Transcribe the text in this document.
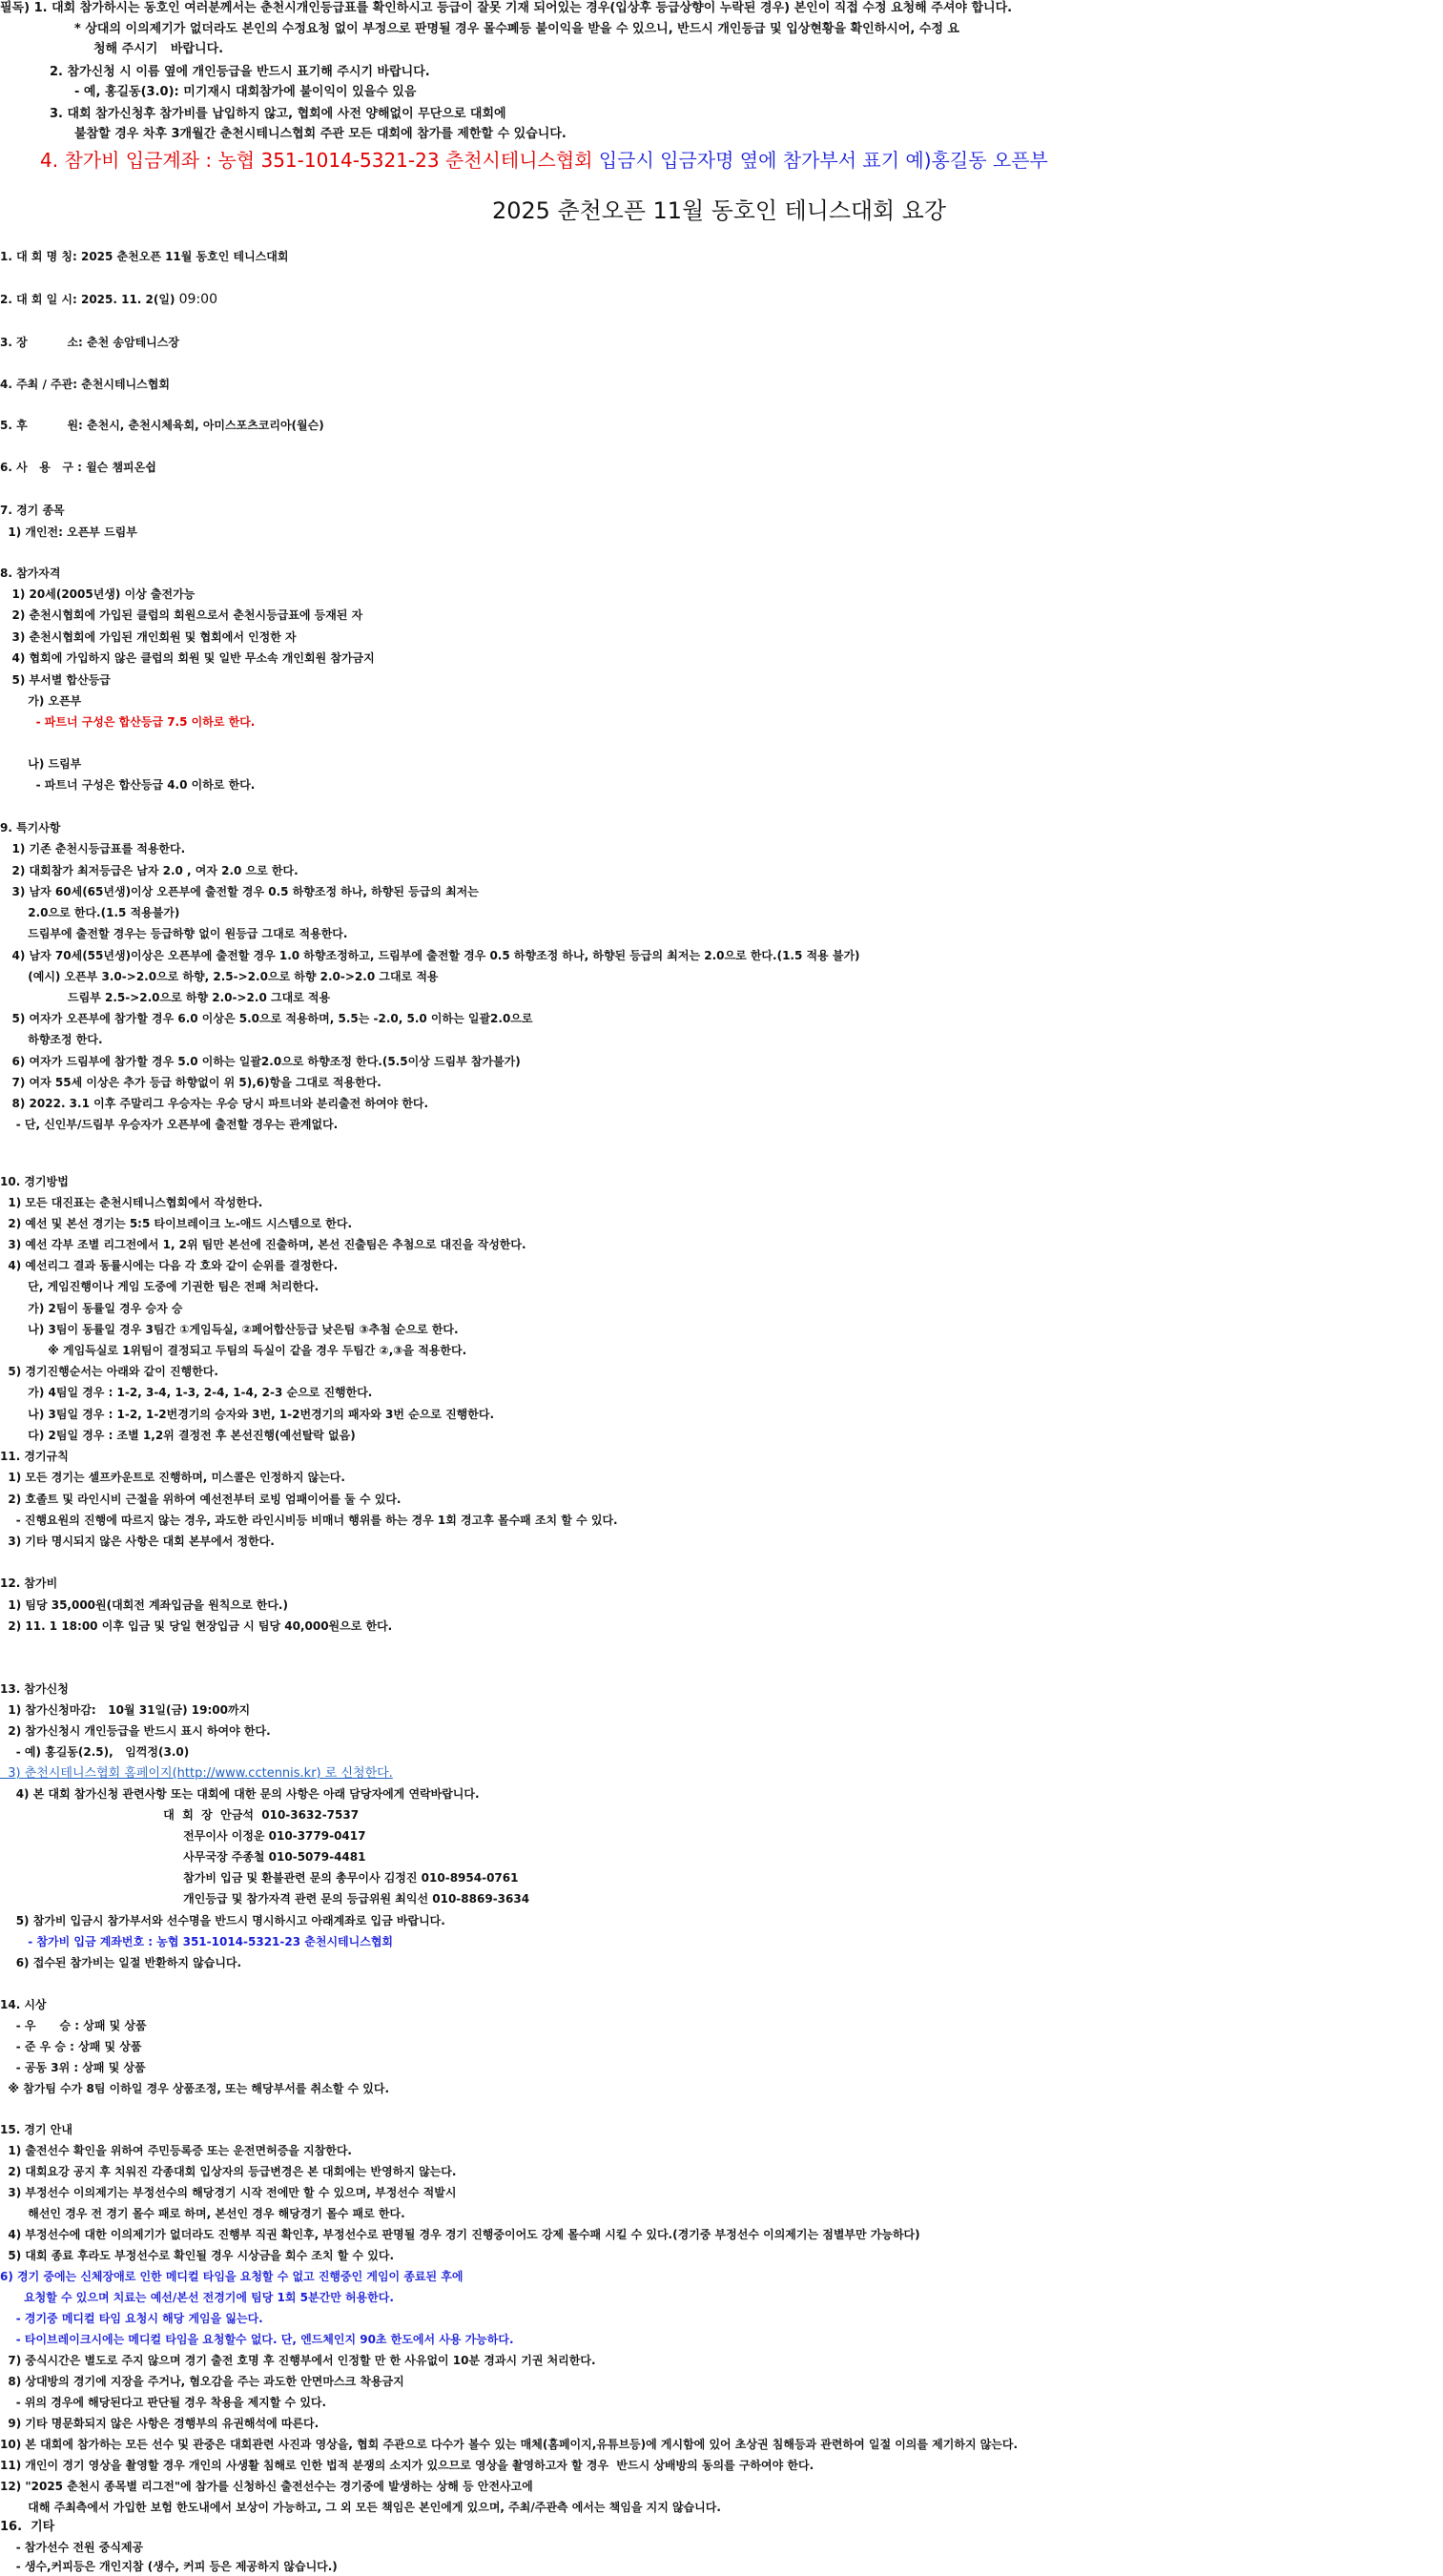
필독) 1. 대회 참가하시는 동호인 여러분께서는 춘천시개인등급표를 확인하시고 등급이 잘못 기재 되어있는 경우(입상후 등급상향이 누락된 경우) 본인이 직접 수정 요청해 주셔야 합니다.
* 상대의 이의제기가 없더라도 본인의 수정요청 없이 부정으로 판명될 경우 몰수폐등 불이익을 받을 수 있으니, 반드시 개인등급 및 입상현황을 확인하시어, 수정 요
청해 주시기   바랍니다.
2. 참가신청 시 이름 옆에 개인등급을 반드시 표기해 주시기 바랍니다.
- 예, 홍길동(3.0): 미기재시 대회참가에 불이익이 있을수 있음
3. 대회 참가신청후 참가비를 납입하지 않고, 협회에 사전 양해없이 무단으로 대회에
불참할 경우 차후 3개월간 춘천시테니스협회 주관 모든 대회에 참가를 제한할 수 있습니다.
4. 참가비 입금계좌 : 농협 351-1014-5321-23 춘천시테니스협회 입금시 입금자명 옆에 참가부서 표기 예)홍길동 오픈부
2025 춘천오픈 11월 동호인 테니스대회 요강
1. 대 회 명 칭: 2025 춘천오픈 11월 동호인 테니스대회
2. 대 회 일 시: 2025. 11. 2(일) 09:00
3. 장          소: 춘천 송암테니스장
4. 주최 / 주관: 춘천시테니스협회
5. 후          원: 춘천시, 춘천시체육회, 아미스포츠코리아(월슨)
6. 사   용   구 : 윌슨 챔피온쉽
7. 경기 종목
1) 개인전: 오픈부 드림부
8. 참가자격
1) 20세(2005년생) 이상 출전가능
2) 춘천시협회에 가입된 클럽의 회원으로서 춘천시등급표에 등재된 자
3) 춘천시협회에 가입된 개인회원 및 협회에서 인정한 자
4) 협회에 가입하지 않은 클럽의 회원 및 일반 무소속 개인회원 참가금지
5) 부서별 합산등급
가) 오픈부
- 파트너 구성은 합산등급 7.5 이하로 한다.
나) 드림부
- 파트너 구성은 합산등급 4.0 이하로 한다.
9. 특기사항
1) 기존 춘천시등급표를 적용한다.
2) 대회참가 최저등급은 남자 2.0 , 여자 2.0 으로 한다.
3) 남자 60세(65년생)이상 오픈부에 출전할 경우 0.5 하향조정 하나, 하향된 등급의 최저는
2.0으로 한다.(1.5 적용불가)
드림부에 출전할 경우는 등급하향 없이 원등급 그대로 적용한다.
4) 남자 70세(55년생)이상은 오픈부에 출전할 경우 1.0 하향조정하고, 드림부에 출전할 경우 0.5 하향조정 하나, 하향된 등급의 최저는 2.0으로 한다.(1.5 적용 불가)
(예시) 오픈부 3.0->2.0으로 하향, 2.5->2.0으로 하향 2.0->2.0 그대로 적용
드림부 2.5->2.0으로 하향 2.0->2.0 그대로 적용
5) 여자가 오픈부에 참가할 경우 6.0 이상은 5.0으로 적용하며, 5.5는 -2.0, 5.0 이하는 일괄2.0으로
하향조정 한다.
6) 여자가 드림부에 참가할 경우 5.0 이하는 일괄2.0으로 하향조정 한다.(5.5이상 드림부 참가불가)
7) 여자 55세 이상은 추가 등급 하향없이 위 5),6)항을 그대로 적용한다.
8) 2022. 3.1 이후 주말리그 우승자는 우승 당시 파트너와 분리출전 하여야 한다.
- 단, 신인부/드림부 우승자가 오픈부에 출전할 경우는 관계없다.
10. 경기방법
1) 모든 대진표는 춘천시테니스협회에서 작성한다.
2) 예선 및 본선 경기는 5:5 타이브레이크 노-애드 시스템으로 한다.
3) 예선 각부 조별 리그전에서 1, 2위 팀만 본선에 진출하며, 본선 진출팀은 추첨으로 대진을 작성한다.
4) 예선리그 결과 동률시에는 다음 각 호와 같이 순위를 결정한다.
단, 게임진행이나 게임 도중에 기권한 팀은 전패 처리한다.
가) 2팀이 동률일 경우 승자 승
나) 3팀이 동률일 경우 3팀간 ①게임득실, ②페어합산등급 낮은팀 ③추첨 순으로 한다.
※ 게임득실로 1위팀이 결정되고 두팀의 득실이 같을 경우 두팀간 ②,③을 적용한다.
5) 경기진행순서는 아래와 같이 진행한다.
가) 4팀일 경우 : 1-2, 3-4, 1-3, 2-4, 1-4, 2-3 순으로 진행한다.
나) 3팀일 경우 : 1-2, 1-2번경기의 승자와 3번, 1-2번경기의 패자와 3번 순으로 진행한다.
다) 2팀일 경우 : 조별 1,2위 결정전 후 본선진행(예선탈락 없음)
11. 경기규칙
1) 모든 경기는 셀프카운트로 진행하며, 미스콜은 인정하지 않는다.
2) 호졸트 및 라인시비 근절을 위하여 예선전부터 로빙 엄패이어를 둘 수 있다.
- 진행요원의 진행에 따르지 않는 경우, 과도한 라인시비등 비매너 행위를 하는 경우 1회 경고후 몰수패 조치 할 수 있다.
3) 기타 명시되지 않은 사항은 대회 본부에서 정한다.
12. 참가비
1) 팀당 35,000원(대회전 계좌입금을 원칙으로 한다.)
2) 11. 1 18:00 이후 입금 및 당일 현장입금 시 팀당 40,000원으로 한다.
13. 참가신청
1) 참가신청마감:   10월 31일(금) 19:00까지
2) 참가신청시 개인등급을 반드시 표시 하여야 한다.
- 예) 홍길동(2.5),   임꺽정(3.0)
3) 춘천시테니스협회 홈페이지(http://www.cctennis.kr) 로 신청한다.
4) 본 대회 참가신청 관련사항 또는 대회에 대한 문의 사항은 아래 담당자에게 연락바랍니다.
대  회  장  안금석  010-3632-7537
전무이사 이정운 010-3779-0417
사무국장 주종철 010-5079-4481
참가비 입금 및 환불관련 문의 총무이사 김정진 010-8954-0761
개인등급 및 참가자격 관련 문의 등급위원 최익선 010-8869-3634
5) 참가비 입금시 참가부서와 선수명을 반드시 명시하시고 아래계좌로 입금 바랍니다.
- 참가비 입금 계좌번호 : 농협 351-1014-5321-23 춘천시테니스협회
6) 접수된 참가비는 일절 반환하지 않습니다.
14. 시상
- 우      승 : 상패 및 상품
- 준 우 승 : 상패 및 상품
- 공동 3위 : 상패 및 상품
※ 참가팀 수가 8팀 이하일 경우 상품조정, 또는 해당부서를 취소할 수 있다.
15. 경기 안내
1) 출전선수 확인을 위하여 주민등록증 또는 운전면허증을 지참한다.
2) 대회요강 공지 후 치워진 각종대회 입상자의 등급변경은 본 대회에는 반영하지 않는다.
3) 부정선수 이의제기는 부정선수의 해당경기 시작 전에만 할 수 있으며, 부정선수 적발시
해선인 경우 전 경기 몰수 패로 하며, 본선인 경우 해당경기 몰수 패로 한다.
4) 부정선수에 대한 이의제기가 없더라도 진행부 직권 확인후, 부정선수로 판명될 경우 경기 진행중이어도 강제 몰수패 시킬 수 있다.(경기중 부정선수 이의제기는 점별부만 가능하다)
5) 대회 종료 후라도 부정선수로 확인될 경우 시상금을 회수 조치 할 수 있다.
6) 경기 중에는 신체장애로 인한 메디컬 타임을 요청할 수 없고 진행중인 게임이 종료된 후에
요청할 수 있으며 치료는 예선/본선 전경기에 팀당 1회 5분간만 허용한다.
- 경기중 메디컬 타임 요청시 해당 게임을 잃는다.
- 타이브레이크시에는 메디컬 타임을 요청할수 없다. 단, 엔드체인지 90초 한도에서 사용 가능하다.
7) 중식시간은 별도로 주지 않으며 경기 출전 호명 후 진행부에서 인정할 만 한 사유없이 10분 경과시 기권 처리한다.
8) 상대방의 경기에 지장을 주거나, 혐오감을 주는 과도한 안면마스크 착용금지
- 위의 경우에 해당된다고 판단될 경우 착용을 제지할 수 있다.
9) 기타 명문화되지 않은 사항은 경행부의 유권해석에 따른다.
10) 본 대회에 참가하는 모든 선수 및 관중은 대회관련 사진과 영상을, 협회 주관으로 다수가 볼수 있는 매체(홈페이지,유튜브등)에 게시함에 있어 초상권 침해등과 관련하여 일절 이의를 제기하지 않는다.
11) 개인이 경기 영상을 촬영할 경우 개인의 사생활 침해로 인한 법적 분쟁의 소지가 있으므로 영상을 촬영하고자 할 경우  반드시 상배방의 동의를 구하여야 한다.
12) "2025 춘천시 종목별 리그전"에 참가를 신청하신 출전선수는 경기중에 발생하는 상해 등 안전사고에
대해 주최측에서 가입한 보험 한도내에서 보상이 가능하고, 그 외 모든 책임은 본인에게 있으며, 주최/주관측 에서는 책임을 지지 않습니다.
16.  기타
- 참가선수 전원 중식제공
- 생수,커피등은 개인지참 (생수, 커피 등은 제공하지 않습니다.)
